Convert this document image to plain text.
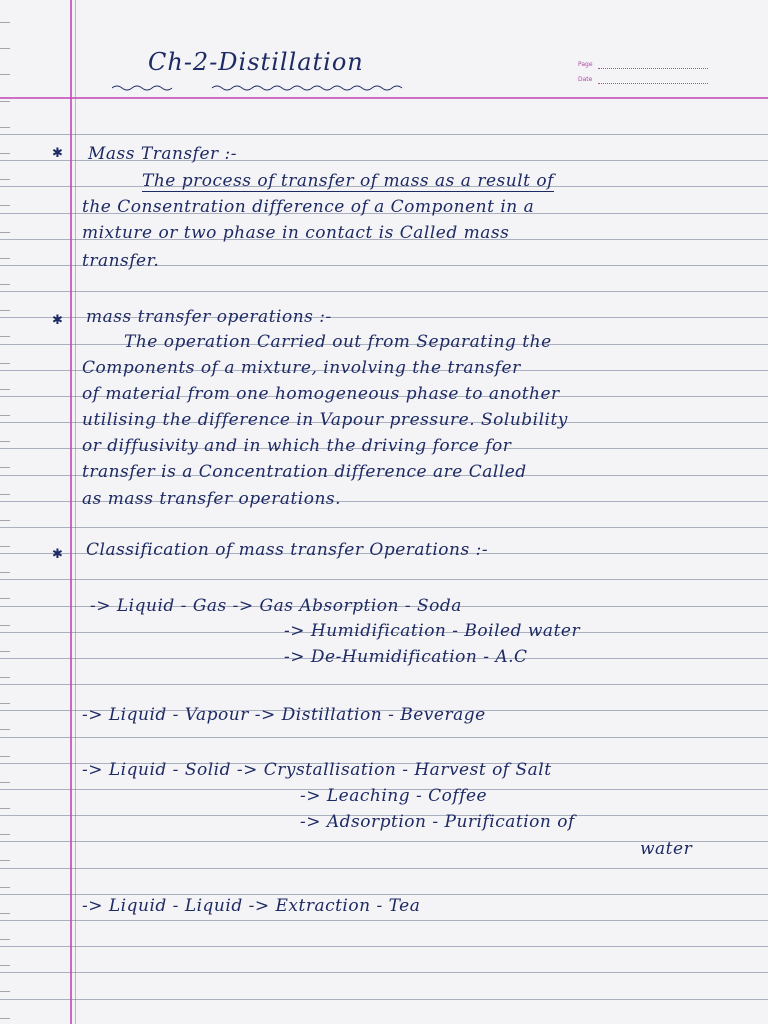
Ch-2-Distillation	Page
Date
✱ Mass Transfer :-
The process of transfer of mass as a result of
the Consentration difference of a Component in a
mixture or two phase in contact is Called mass
transfer.
✱ mass transfer operations :-
The operation Carried out from Separating the
Components of a mixture, involving the transfer
of material from one homogeneous phase to another
utilising the difference in Vapour pressure. Solubility
or diffusivity and in which the driving force for
transfer is a Concentration difference are Called
as mass transfer operations.
✱ Classification of mass transfer Operations :-
-> Liquid - Gas -> Gas Absorption - Soda
-> Humidification - Boiled water
-> De-Humidification - A.C
-> Liquid - Vapour -> Distillation - Beverage
-> Liquid - Solid -> Crystallisation - Harvest of Salt
-> Leaching - Coffee
-> Adsorption - Purification of
water
-> Liquid - Liquid -> Extraction - Tea
